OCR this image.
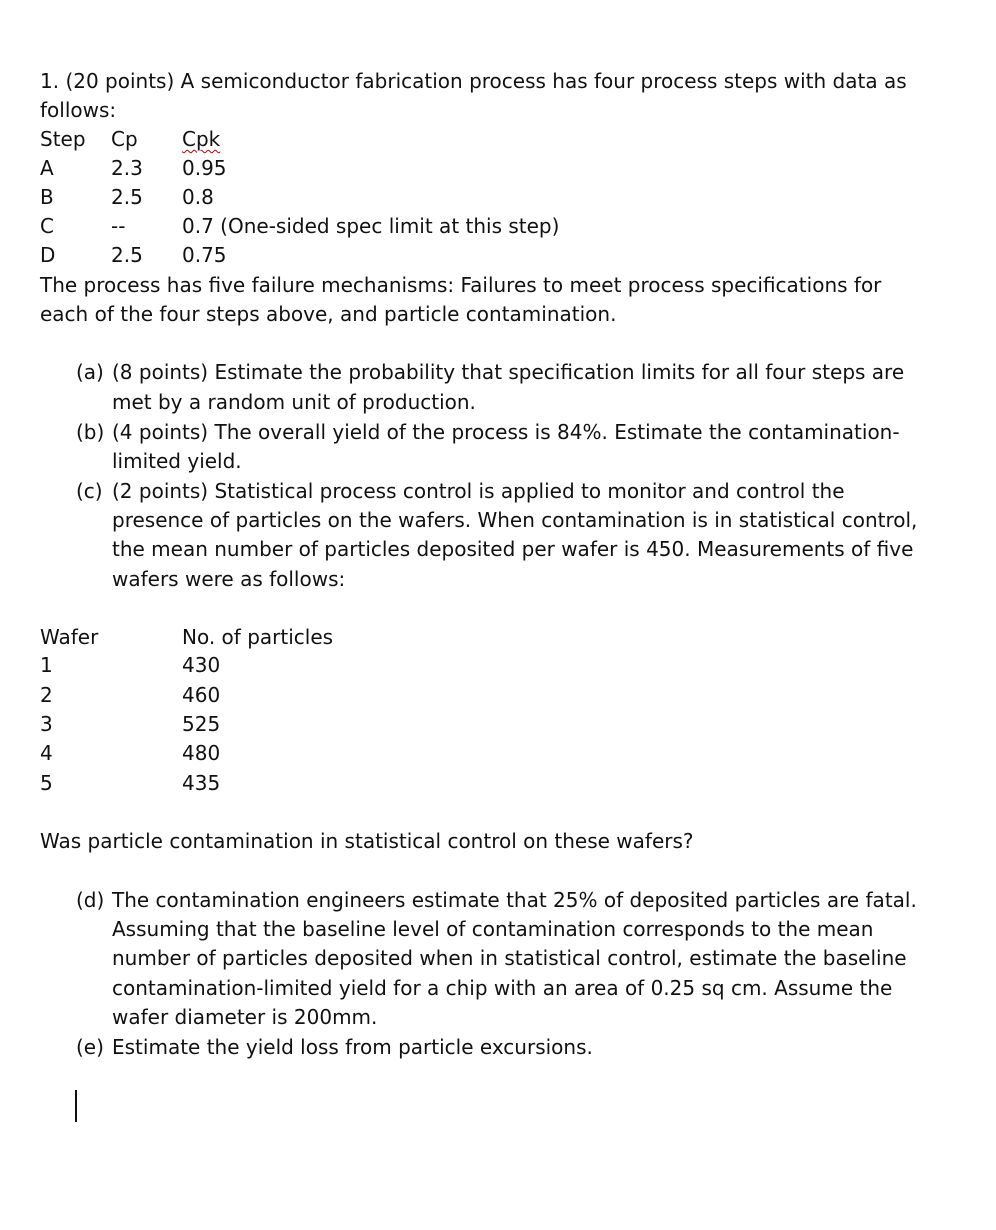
1. (20 points) A semiconductor fabrication process has four process steps with data as
follows:
Step Cp Cpk
A	2.3 0.95
B	2.5 0.8
C	--	0.7 (One-sided spec limit at this step)
D	2.5 0.75
The process has five failure mechanisms: Failures to meet process specifications for
each of the four steps above, and particle contamination.
(a) (8 points) Estimate the probability that specification limits for all four steps are
met by a random unit of production.
(b) (4 points) The overall yield of the process is 84%. Estimate the contamination-
limited yield.
(c) (2 points) Statistical process control is applied to monitor and control the
presence of particles on the wafers. When contamination is in statistical control,
the mean number of particles deposited per wafer is 450. Measurements of five
wafers were as follows:
Wafer	No. of particles
1	430
2	460
3	525
4	480
5	435
Was particle contamination in statistical control on these wafers?
(d) The contamination engineers estimate that 25% of deposited particles are fatal.
Assuming that the baseline level of contamination corresponds to the mean
number of particles deposited when in statistical control, estimate the baseline
contamination-limited yield for a chip with an area of 0.25 sq cm. Assume the
wafer diameter is 200mm.
(e) Estimate the yield loss from particle excursions.
